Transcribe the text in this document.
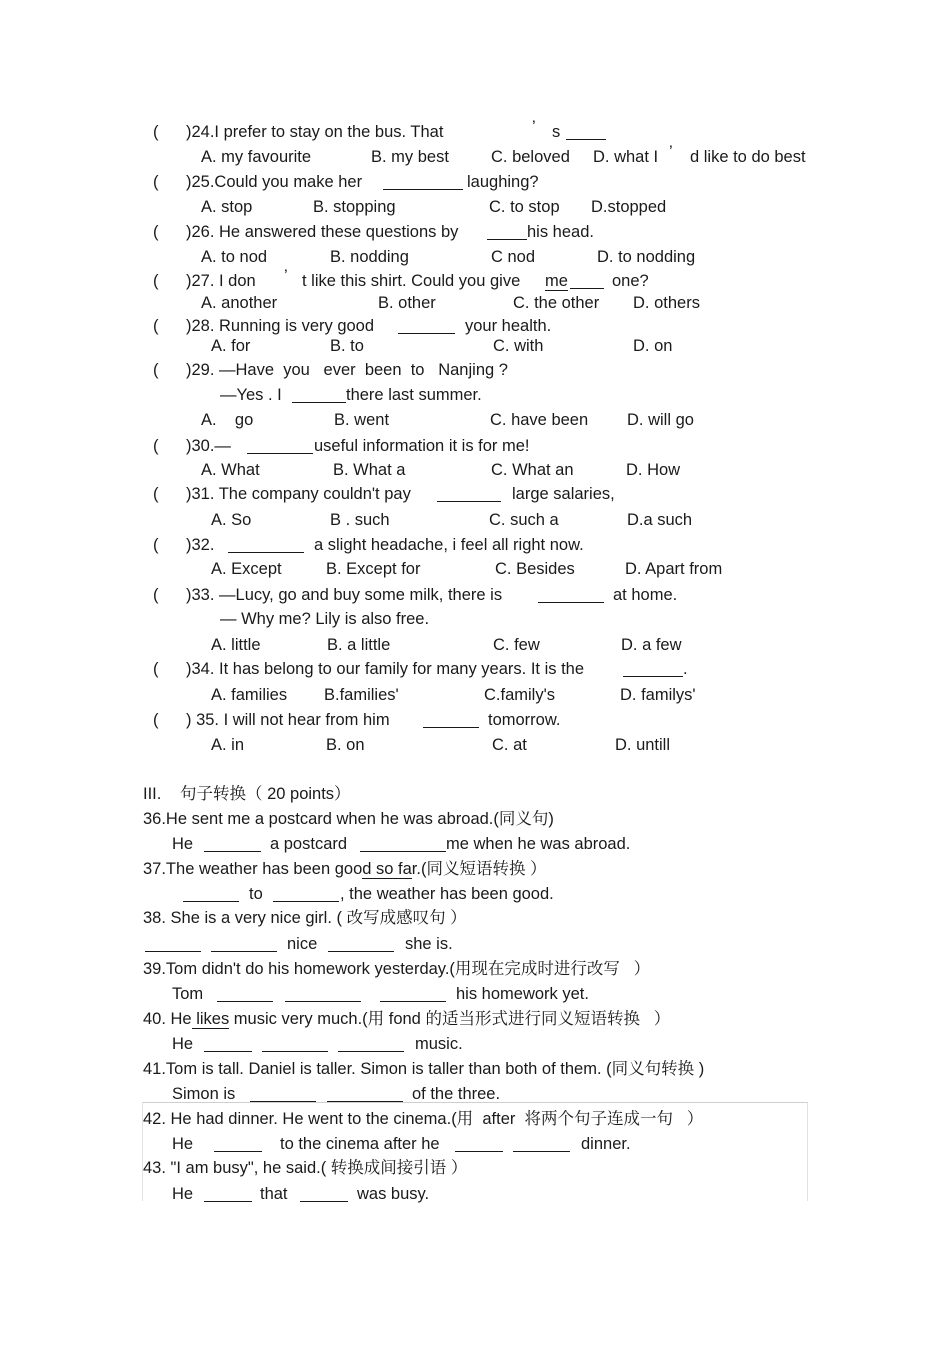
( )24.I prefer to stay on the bus. That	’ s
A. my favourite	B. my best	C. beloved D. what I ’ d like to do best
( )25.Could you make her	laughing?
A. stop	B. stopping	C. to stop D.stopped
( )26. He answered these questions by	his head.
A. to nod	B. nodding	C nod	D. to nodding
( )27. I don ’ t like this shirt. Could you give me	one?
A. another	B. other	C. the other D. others
( )28. Running is very good	your health.
A. for	B. to	C. with	D. on
( )29. —Have  you   ever  been  to   Nanjing ?
—Yes . I	there last summer.
A.    go	B. went	C. have been D. will go
( )30.—	useful information it is for me!
A. What	B. What a	C. What an	D. How
( )31. The company couldn't pay	large salaries,
A. So	B . such	C. such a	D.a such
( )32.	a slight headache, i feel all right now.
A. Except	B. Except for	C. Besides	D. Apart from
( )33. —Lucy, go and buy some milk, there is	at home.
— Why me? Lily is also free.
A. little	B. a little	C. few	D. a few
( )34. It has belong to our family for many years. It is the	.
A. families B.families'	C.family's	D. familys'
( ) 35. I will not hear from him	tomorrow.
A. in	B. on	C. at	D. untill
III. 句子转换（ 20 points）
36.He sent me a postcard when he was abroad.(同义句)
He	a postcard	me when he was abroad.
37.The weather has been good so far.(同义短语转换 ）
to	, the weather has been good.
38. She is a very nice girl. ( 改写成感叹句 ）
nice	she is.
39.Tom didn't do his homework yesterday.(用现在完成时进行改写   ）
Tom	his homework yet.
40. He likes music very much.(用 fond 的适当形式进行同义短语转换   ）
He	music.
41.Tom is tall. Daniel is taller. Simon is taller than both of them. (同义句转换 )
Simon is	of the three.
42. He had dinner. He went to the cinema.(用  after  将两个句子连成一句   ）
He	to the cinema after he	dinner.
43. "I am busy", he said.( 转换成间接引语 ）
He	that	was busy.
